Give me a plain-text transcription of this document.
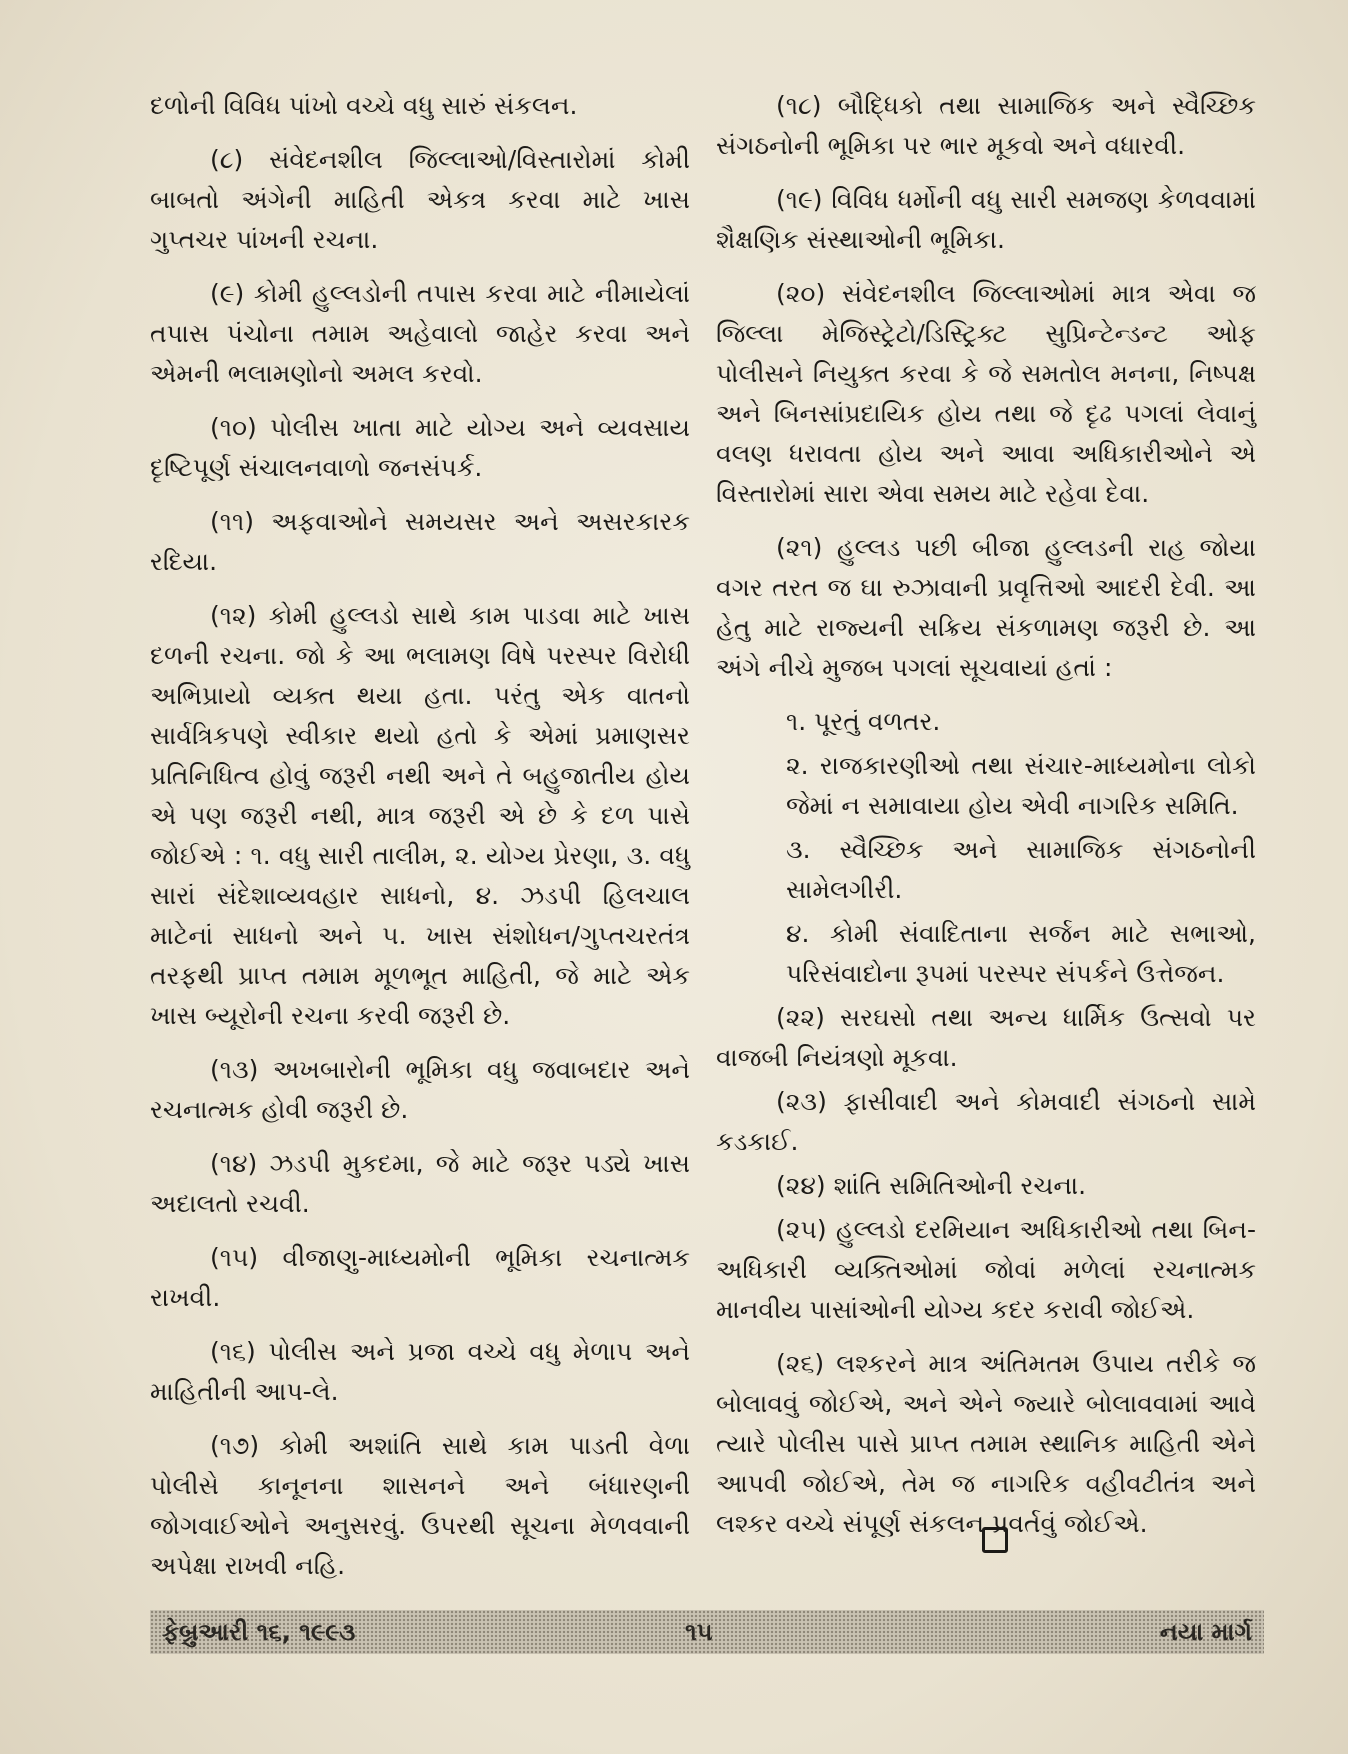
દળોની વિવિધ પાંખો વચ્ચે વધુ સારું સંકલન.

(૮) સંવેદનશીલ જિલ્લાઓ/વિસ્તારોમાં કોમી બાબતો અંગેની માહિતી એકત્ર કરવા માટે ખાસ ગુપ્તચર પાંખની રચના.

(૯) કોમી હુલ્લડોની તપાસ કરવા માટે નીમાયેલાં તપાસ પંચોના તમામ અહેવાલો જાહેર કરવા અને એમની ભલામણોનો અમલ કરવો.

(૧૦) પોલીસ ખાતા માટે યોગ્ય અને વ્યવસાય દૃષ્ટિપૂર્ણ સંચાલનવાળો જનસંપર્ક.

(૧૧) અફવાઓને સમયસર અને અસરકારક રદિયા.

(૧૨) કોમી હુલ્લડો સાથે કામ પાડવા માટે ખાસ દળની રચના. જો કે આ ભલામણ વિષે પરસ્પર વિરોધી અભિપ્રાયો વ્યક્ત થયા હતા. પરંતુ એક વાતનો સાર્વત્રિકપણે સ્વીકાર થયો હતો કે એમાં પ્રમાણસર પ્રતિનિધિત્વ હોવું જરૂરી નથી અને તે બહુજાતીય હોય એ પણ જરૂરી નથી, માત્ર જરૂરી એ છે કે દળ પાસે જોઈએ : ૧. વધુ સારી તાલીમ, ૨. યોગ્ય પ્રેરણા, ૩. વધુ સારાં સંદેશાવ્યવહાર સાધનો, ૪. ઝડપી હિલચાલ માટેનાં સાધનો અને ૫. ખાસ સંશોધન/ગુપ્તચરતંત્ર તરફથી પ્રાપ્ત તમામ મૂળભૂત માહિતી, જે માટે એક ખાસ બ્યૂરોની રચના કરવી જરૂરી છે.

(૧૩) અખબારોની ભૂમિકા વધુ જવાબદાર અને રચનાત્મક હોવી જરૂરી છે.

(૧૪) ઝડપી મુકદમા, જે માટે જરૂર પડ્યે ખાસ અદાલતો રચવી.

(૧૫) વીજાણુ-માધ્યમોની ભૂમિકા રચનાત્મક રાખવી.

(૧૬) પોલીસ અને પ્રજા વચ્ચે વધુ મેળાપ અને માહિતીની આપ-લે.

(૧૭) કોમી અશાંતિ સાથે કામ પાડતી વેળા પોલીસે કાનૂનના શાસનને અને બંધારણની જોગવાઈઓને અનુસરવું. ઉપરથી સૂચના મેળવવાની અપેક્ષા રાખવી નહિ.

(૧૮) બૌદ્ધિકો તથા સામાજિક અને સ્વૈચ્છિક સંગઠનોની ભૂમિકા પર ભાર મૂકવો અને વધારવી.

(૧૯) વિવિધ ધર્મોની વધુ સારી સમજણ કેળવવામાં શૈક્ષણિક સંસ્થાઓની ભૂમિકા.

(૨૦) સંવેદનશીલ જિલ્લાઓમાં માત્ર એવા જ જિલ્લા મેજિસ્ટ્રેટો/ડિસ્ટ્રિક્ટ સુપ્રિન્ટેન્ડન્ટ ઓફ પોલીસને નિયુક્ત કરવા કે જે સમતોલ મનના, નિષ્પક્ષ અને બિનસાંપ્રદાયિક હોય તથા જે દૃઢ પગલાં લેવાનું વલણ ધરાવતા હોય અને આવા અધિકારીઓને એ વિસ્તારોમાં સારા એવા સમય માટે રહેવા દેવા.

(૨૧) હુલ્લડ પછી બીજા હુલ્લડની રાહ જોયા વગર તરત જ ઘા રુઝાવાની પ્રવૃત્તિઓ આદરી દેવી. આ હેતુ માટે રાજ્યની સક્રિય સંકળામણ જરૂરી છે. આ અંગે નીચે મુજબ પગલાં સૂચવાયાં હતાં :

૧. પૂરતું વળતર.

૨. રાજકારણીઓ તથા સંચાર-માધ્યમોના લોકો જેમાં ન સમાવાયા હોય એવી નાગરિક સમિતિ.

૩. સ્વૈચ્છિક અને સામાજિક સંગઠનોની સામેલગીરી.

૪. કોમી સંવાદિતાના સર્જન માટે સભાઓ, પરિસંવાદોના રૂપમાં પરસ્પર સંપર્કને ઉત્તેજન.

(૨૨) સરઘસો તથા અન્ય ધાર્મિક ઉત્સવો પર વાજબી નિયંત્રણો મૂકવા.

(૨૩) ફાસીવાદી અને કોમવાદી સંગઠનો સામે કડકાઈ.

(૨૪) શાંતિ સમિતિઓની રચના.

(૨૫) હુલ્લડો દરમિયાન અધિકારીઓ તથા બિન-અધિકારી વ્યક્તિઓમાં જોવાં મળેલાં રચનાત્મક માનવીય પાસાંઓની યોગ્ય કદર કરાવી જોઈએ.

(૨૬) લશ્કરને માત્ર અંતિમતમ ઉપાય તરીકે જ બોલાવવું જોઈએ, અને એને જ્યારે બોલાવવામાં આવે ત્યારે પોલીસ પાસે પ્રાપ્ત તમામ સ્થાનિક માહિતી એને આપવી જોઈએ, તેમ જ નાગરિક વહીવટીતંત્ર અને લશ્કર વચ્ચે સંપૂર્ણ સંકલન પ્રવર્તવું જોઈએ.

ફેબ્રુઆરી ૧૬, ૧૯૯૩	૧૫	નયા માર્ગ
